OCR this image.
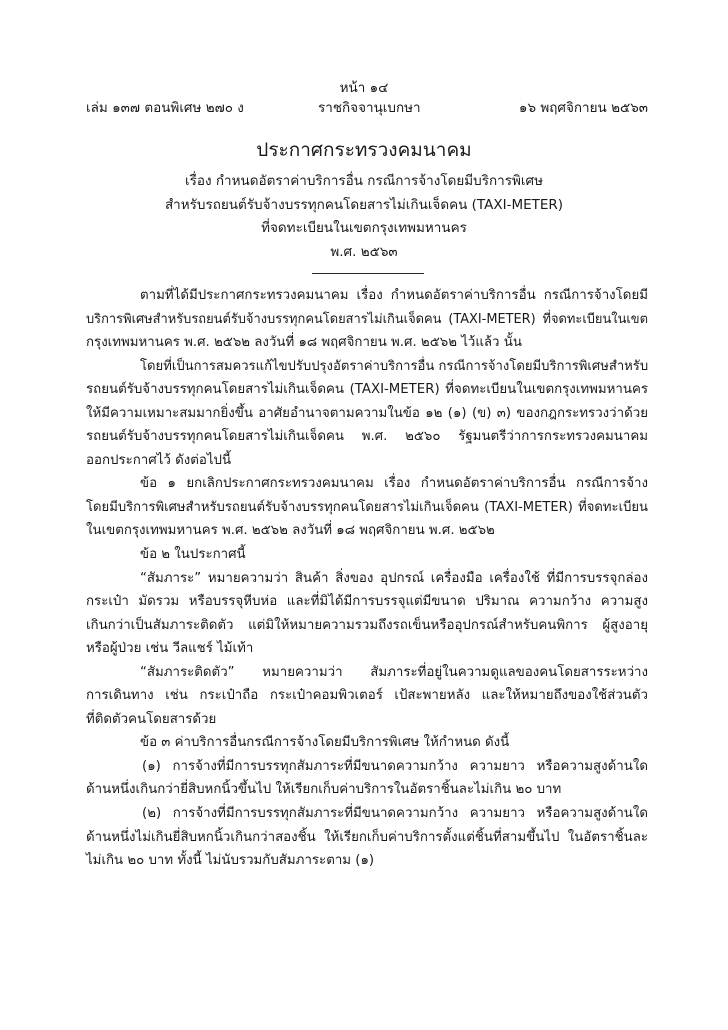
หน้า ๑๔
เล่ม ๑๓๗ ตอนพิเศษ ๒๗๐ ง	ราชกิจจานุเบกษา	๑๖ พฤศจิกายน ๒๕๖๓
ประกาศกระทรวงคมนาคม
เรื่อง กำหนดอัตราค่าบริการอื่น กรณีการจ้างโดยมีบริการพิเศษ
สำหรับรถยนต์รับจ้างบรรทุกคนโดยสารไม่เกินเจ็ดคน (TAXI-METER)
ที่จดทะเบียนในเขตกรุงเทพมหานคร
พ.ศ. ๒๕๖๓

ตามที่ได้มีประกาศกระทรวงคมนาคม เรื่อง กำหนดอัตราค่าบริการอื่น กรณีการจ้างโดยมี
บริการพิเศษสำหรับรถยนต์รับจ้างบรรทุกคนโดยสารไม่เกินเจ็ดคน (TAXI-METER) ที่จดทะเบียนในเขต
กรุงเทพมหานคร พ.ศ. ๒๕๖๒ ลงวันที่ ๑๘ พฤศจิกายน พ.ศ. ๒๕๖๒ ไว้แล้ว นั้น

โดยที่เป็นการสมควรแก้ไขปรับปรุงอัตราค่าบริการอื่น กรณีการจ้างโดยมีบริการพิเศษสำหรับ
รถยนต์รับจ้างบรรทุกคนโดยสารไม่เกินเจ็ดคน (TAXI-METER) ที่จดทะเบียนในเขตกรุงเทพมหานคร
ให้มีความเหมาะสมมากยิ่งขึ้น อาศัยอำนาจตามความในข้อ ๑๒ (๑) (ข) ๓) ของกฎกระทรวงว่าด้วย
รถยนต์รับจ้างบรรทุกคนโดยสารไม่เกินเจ็ดคน พ.ศ. ๒๕๖๐ รัฐมนตรีว่าการกระทรวงคมนาคม
ออกประกาศไว้ ดังต่อไปนี้

ข้อ ๑ ยกเลิกประกาศกระทรวงคมนาคม เรื่อง กำหนดอัตราค่าบริการอื่น กรณีการจ้าง
โดยมีบริการพิเศษสำหรับรถยนต์รับจ้างบรรทุกคนโดยสารไม่เกินเจ็ดคน (TAXI-METER) ที่จดทะเบียน
ในเขตกรุงเทพมหานคร พ.ศ. ๒๕๖๒ ลงวันที่ ๑๘ พฤศจิกายน พ.ศ. ๒๕๖๒

ข้อ ๒ ในประกาศนี้

“สัมภาระ” หมายความว่า สินค้า สิ่งของ อุปกรณ์ เครื่องมือ เครื่องใช้ ที่มีการบรรจุกล่อง
กระเป๋า มัดรวม หรือบรรจุหีบห่อ และที่มิได้มีการบรรจุแต่มีขนาด ปริมาณ ความกว้าง ความสูง
เกินกว่าเป็นสัมภาระติดตัว แต่มิให้หมายความรวมถึงรถเข็นหรืออุปกรณ์สำหรับคนพิการ ผู้สูงอายุ
หรือผู้ป่วย เช่น วีลแชร์ ไม้เท้า

“สัมภาระติดตัว” หมายความว่า สัมภาระที่อยู่ในความดูแลของคนโดยสารระหว่าง
การเดินทาง เช่น กระเป๋าถือ กระเป๋าคอมพิวเตอร์ เป้สะพายหลัง และให้หมายถึงของใช้ส่วนตัว
ที่ติดตัวคนโดยสารด้วย

ข้อ ๓ ค่าบริการอื่นกรณีการจ้างโดยมีบริการพิเศษ ให้กำหนด ดังนี้

(๑) การจ้างที่มีการบรรทุกสัมภาระที่มีขนาดความกว้าง ความยาว หรือความสูงด้านใด
ด้านหนึ่งเกินกว่ายี่สิบหกนิ้วขึ้นไป ให้เรียกเก็บค่าบริการในอัตราชิ้นละไม่เกิน ๒๐ บาท

(๒) การจ้างที่มีการบรรทุกสัมภาระที่มีขนาดความกว้าง ความยาว หรือความสูงด้านใด
ด้านหนึ่งไม่เกินยี่สิบหกนิ้วเกินกว่าสองชิ้น ให้เรียกเก็บค่าบริการตั้งแต่ชิ้นที่สามขึ้นไป ในอัตราชิ้นละ
ไม่เกิน ๒๐ บาท ทั้งนี้ ไม่นับรวมกับสัมภาระตาม (๑)
